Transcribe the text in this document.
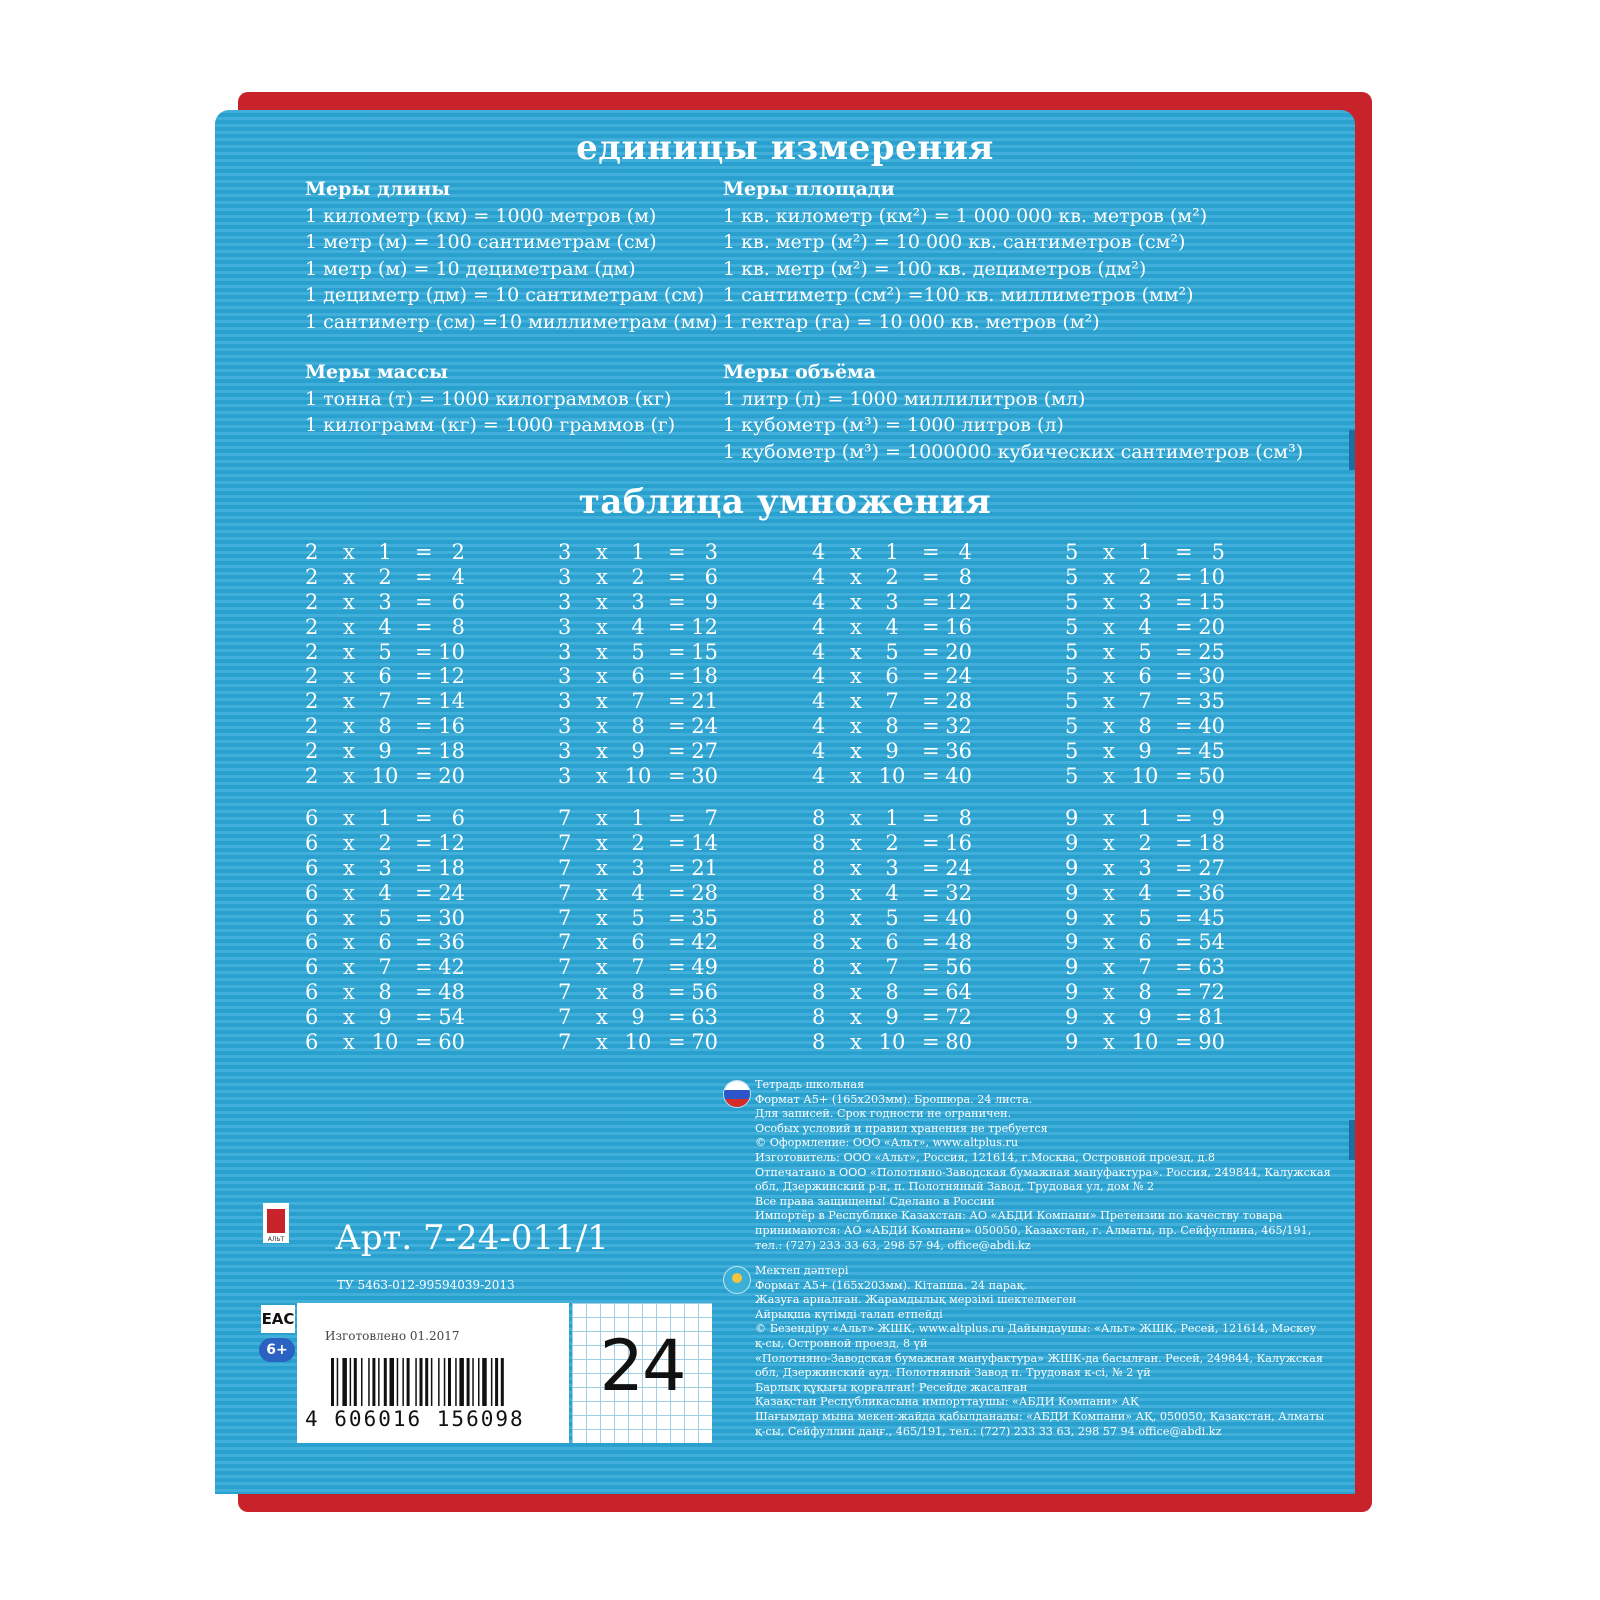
единицы измерения
Меры длины
1 километр (км) = 1000 метров (м)
1 метр (м) = 100 сантиметрам (см)
1 метр (м) = 10 дециметрам (дм)
1 дециметр (дм) = 10 сантиметрам (см)
1 сантиметр (см) =10 миллиметрам (мм)
Меры площади
1 кв. километр (км²) = 1 000 000 кв. метров (м²)
1 кв. метр (м²) = 10 000 кв. сантиметров (см²)
1 кв. метр (м²) = 100 кв. дециметров (дм²)
1 сантиметр (см²) =100 кв. миллиметров (мм²)
1 гектар (га) = 10 000 кв. метров (м²)
Меры массы
1 тонна (т) = 1000 килограммов (кг)
1 килограмм (кг) = 1000 граммов (г)
Меры объёма
1 литр (л) = 1000 миллилитров (мл)
1 кубометр (м³) = 1000 литров (л)
1 кубометр (м³) = 1000000 кубических сантиметров (см³)
таблица умножения
2	x	1	= 2
2	x	2	= 4
2	x	3	= 6
2	x	4	= 8
2	x	5	= 10
2	x	6	= 12
2	x	7	= 14
2	x	8	= 16
2	x	9	= 18
2	x 10 = 20
3	x	1	= 3
3	x	2	= 6
3	x	3	= 9
3	x	4	= 12
3	x	5	= 15
3	x	6	= 18
3	x	7	= 21
3	x	8	= 24
3	x	9	= 27
3	x 10 = 30
4	x	1	= 4
4	x	2	= 8
4	x	3	= 12
4	x	4	= 16
4	x	5	= 20
4	x	6	= 24
4	x	7	= 28
4	x	8	= 32
4	x	9	= 36
4	x 10 = 40
5	x	1	= 5
5	x	2	= 10
5	x	3	= 15
5	x	4	= 20
5	x	5	= 25
5	x	6	= 30
5	x	7	= 35
5	x	8	= 40
5	x	9	= 45
5	x 10 = 50
6	x	1	= 6
6	x	2	= 12
6	x	3	= 18
6	x	4	= 24
6	x	5	= 30
6	x	6	= 36
6	x	7	= 42
6	x	8	= 48
6	x	9	= 54
6	x 10 = 60
7	x	1	= 7
7	x	2	= 14
7	x	3	= 21
7	x	4	= 28
7	x	5	= 35
7	x	6	= 42
7	x	7	= 49
7	x	8	= 56
7	x	9	= 63
7	x 10 = 70
8	x	1	= 8
8	x	2	= 16
8	x	3	= 24
8	x	4	= 32
8	x	5	= 40
8	x	6	= 48
8	x	7	= 56
8	x	8	= 64
8	x	9	= 72
8	x 10 = 80
9	x	1	= 9
9	x	2	= 18
9	x	3	= 27
9	x	4	= 36
9	x	5	= 45
9	x	6	= 54
9	x	7	= 63
9	x	8	= 72
9	x	9	= 81
9	x 10 = 90
АЛЬТ Арт. 7-24-011/1
ТУ 5463-012-99594039-2013
EAC
6+
Изготовлено 01.2017
4 606016 156098
24
Тетрадь школьная
Формат А5+ (165x203мм). Брошюра. 24 листа.
Для записей. Срок годности не ограничен.
Особых условий и правил хранения не требуется
© Оформление: ООО «Альт», www.altplus.ru
Изготовитель: ООО «Альт», Россия, 121614, г.Москва, Островной проезд, д.8
Отпечатано в ООО «Полотняно-Заводская бумажная мануфактура». Россия, 249844, Калужская
обл, Дзержинский р-н, п. Полотняный Завод, Трудовая ул, дом № 2
Все права защищены! Сделано в России
Импортёр в Республике Казахстан: АО «АБДИ Компани» Претензии по качеству товара
принимаются: АО «АБДИ Компани» 050050, Казахстан, г. Алматы, пр. Сейфуллина, 465/191,
тел.: (727) 233 33 63, 298 57 94, office@abdi.kz
Мектеп дәптері
Формат А5+ (165x203мм). Кітапша. 24 парақ.
Жазуға арналған. Жарамдылық мерзімі шектелмеген
Айрықша күтімді талап етпейді
© Безендіру «Альт» ЖШК, www.altplus.ru Дайындаушы: «Альт» ЖШК, Ресей, 121614, Мәскеу
қ-сы, Островной проезд, 8 үй
«Полотняно-Заводская бумажная мануфактура» ЖШК-да басылған. Ресей, 249844, Калужская
обл, Дзержинский ауд. Полотняный Завод п. Трудовая к-сі, № 2 үй
Барлық құқығы қорғалған! Ресейде жасалған
Қазақстан Республикасына импорттаушы: «АБДИ Компани» АҚ
Шағымдар мына мекен-жайда қабылданады: «АБДИ Компани» АҚ, 050050, Қазақстан, Алматы
қ-сы, Сейфуллин даңғ., 465/191, тел.: (727) 233 33 63, 298 57 94 office@abdi.kz
